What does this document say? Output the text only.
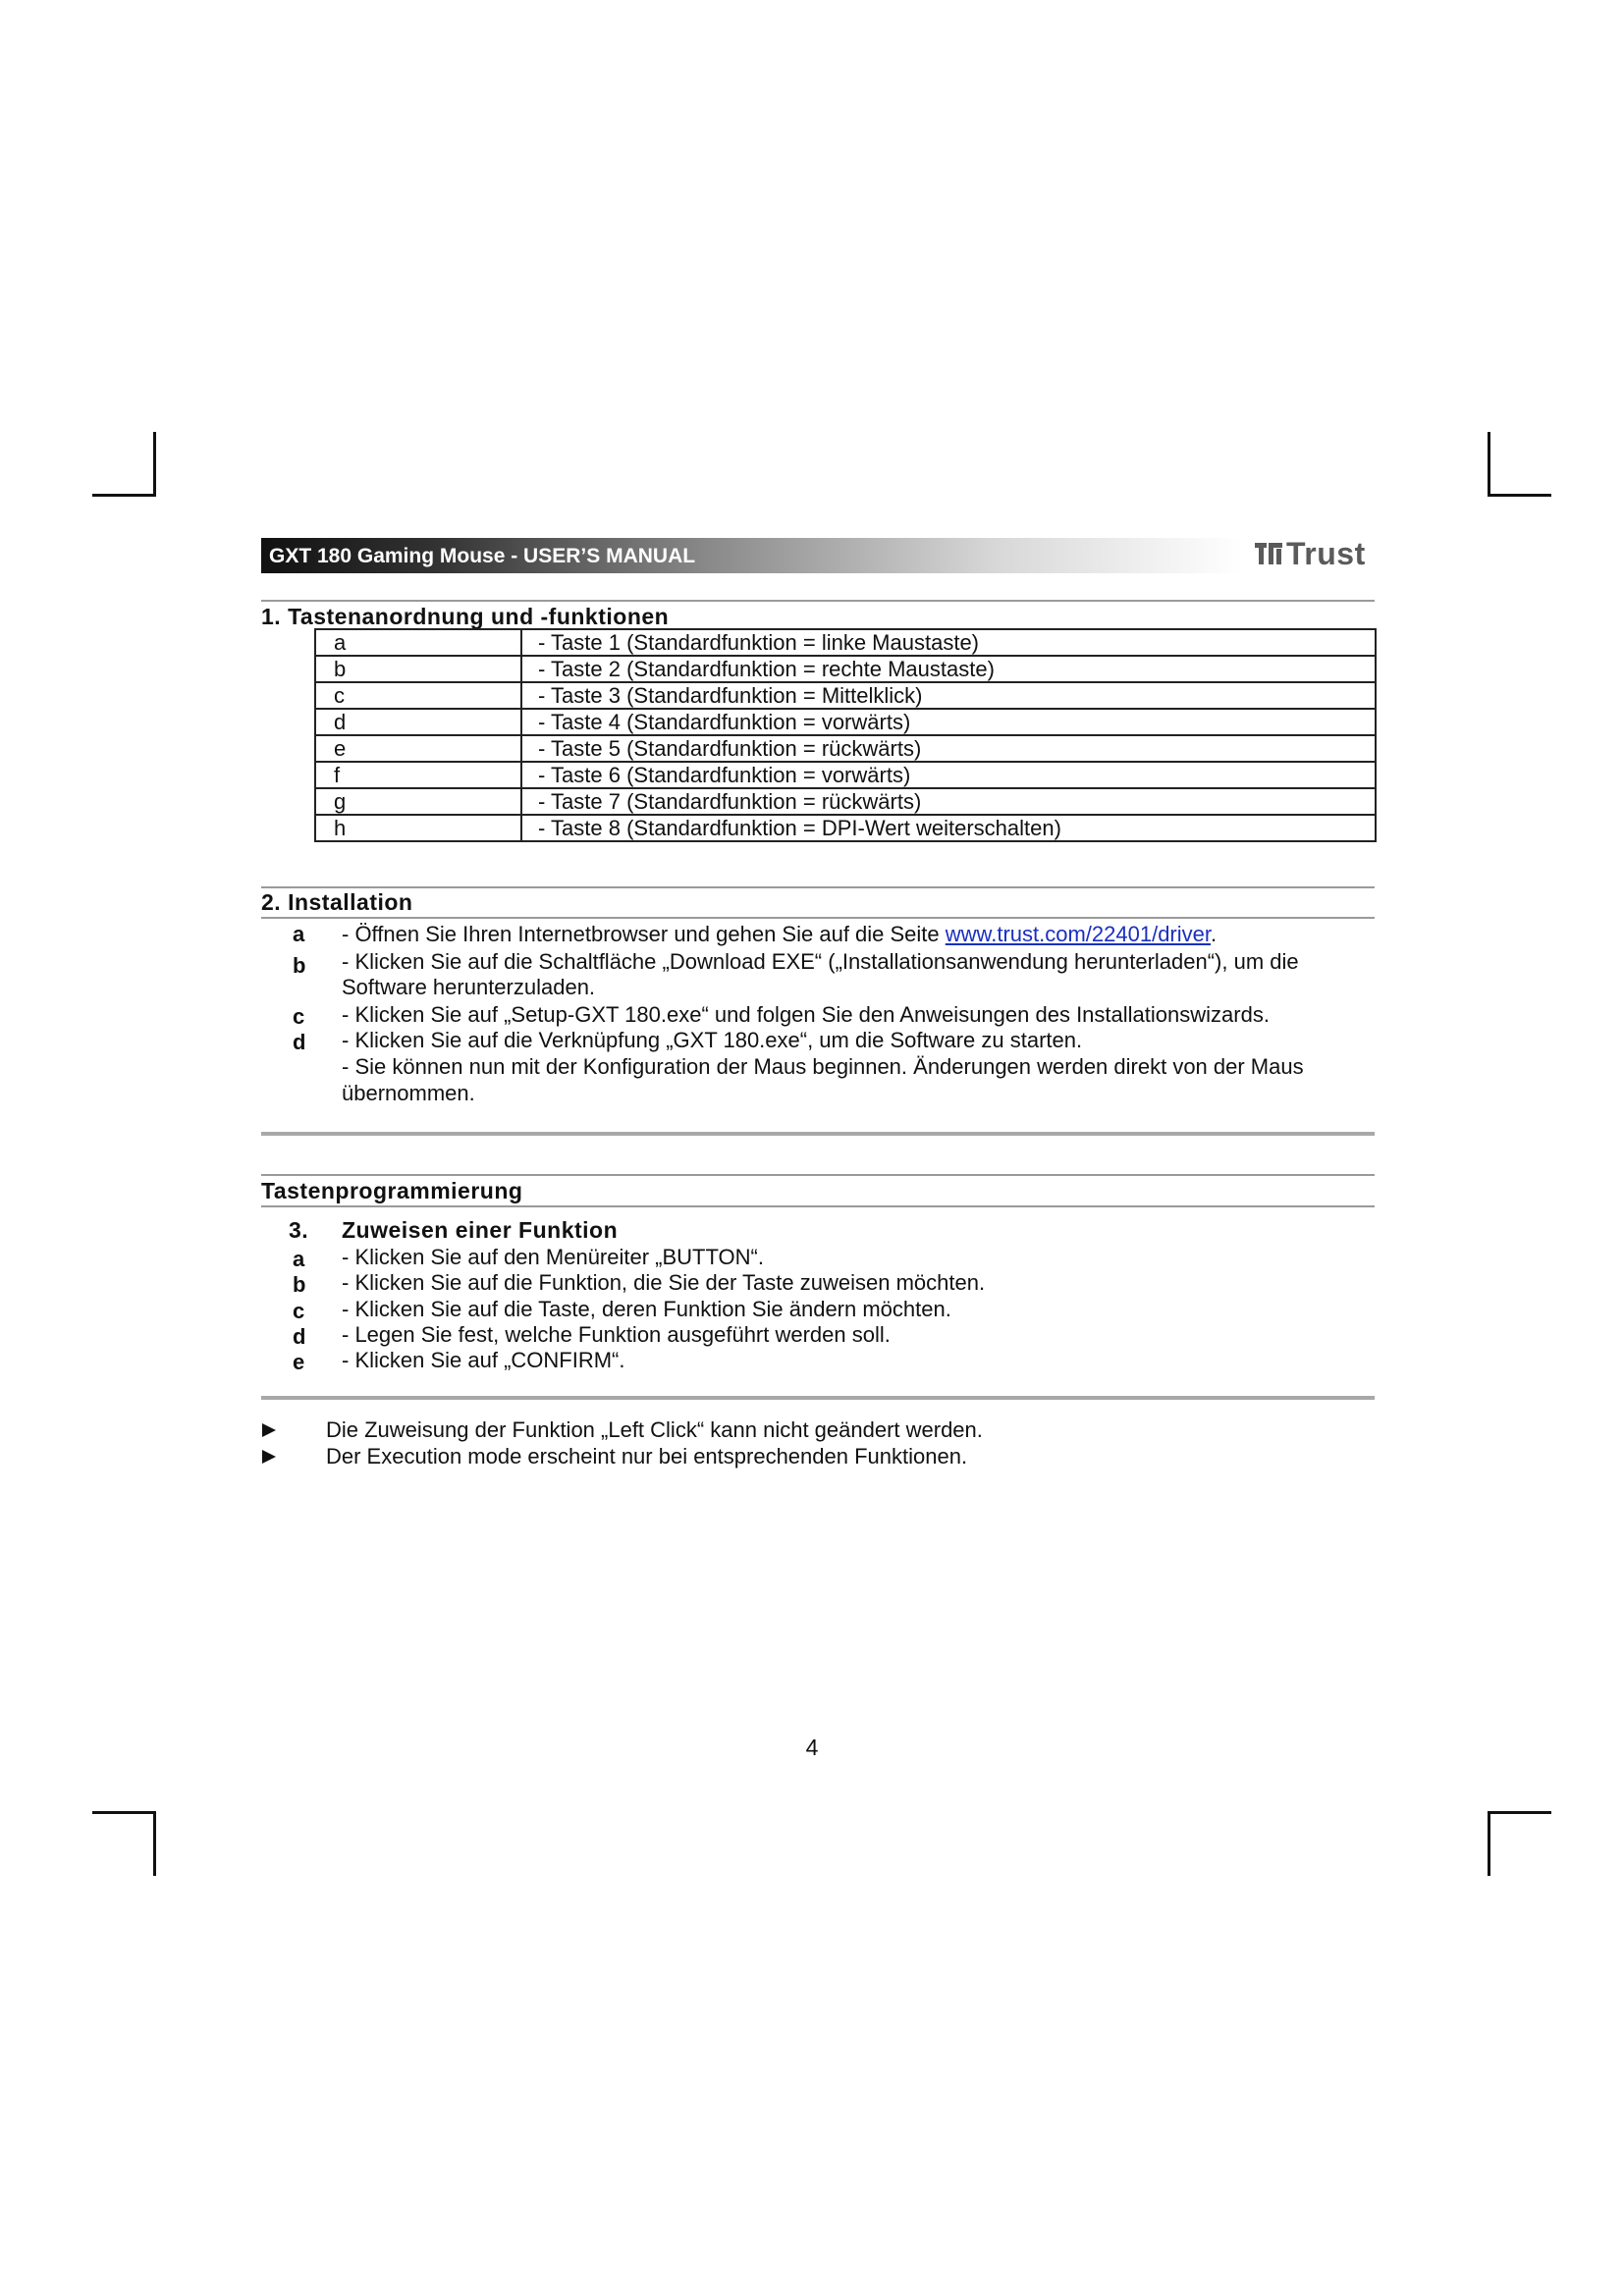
GXT 180 Gaming Mouse - USER’S MANUAL	Trust
1. Tastenanordnung und -funktionen
a	- Taste 1 (Standardfunktion = linke Maustaste)
b	- Taste 2 (Standardfunktion = rechte Maustaste)
c	- Taste 3 (Standardfunktion = Mittelklick)
d	- Taste 4 (Standardfunktion = vorwärts)
e	- Taste 5 (Standardfunktion = rückwärts)
f	- Taste 6 (Standardfunktion = vorwärts)
g	- Taste 7 (Standardfunktion = rückwärts)
h	- Taste 8 (Standardfunktion = DPI-Wert weiterschalten)
2. Installation
a	- Öffnen Sie Ihren Internetbrowser und gehen Sie auf die Seite www.trust.com/22401/driver.
b - Klicken Sie auf die Schaltfläche „Download EXE“ („Installationsanwendung herunterladen“), um die
Software herunterzuladen.
c	- Klicken Sie auf „Setup-GXT 180.exe“ und folgen Sie den Anweisungen des Installationswizards.
d - Klicken Sie auf die Verknüpfung „GXT 180.exe“, um die Software zu starten.
- Sie können nun mit der Konfiguration der Maus beginnen. Änderungen werden direkt von der Maus
übernommen.
Tastenprogrammierung
3. Zuweisen einer Funktion
a	- Klicken Sie auf den Menüreiter „BUTTON“.
b - Klicken Sie auf die Funktion, die Sie der Taste zuweisen möchten.
c	- Klicken Sie auf die Taste, deren Funktion Sie ändern möchten.
d - Legen Sie fest, welche Funktion ausgeführt werden soll.
e	- Klicken Sie auf „CONFIRM“.
Die Zuweisung der Funktion „Left Click“ kann nicht geändert werden.
Der Execution mode erscheint nur bei entsprechenden Funktionen.
4
